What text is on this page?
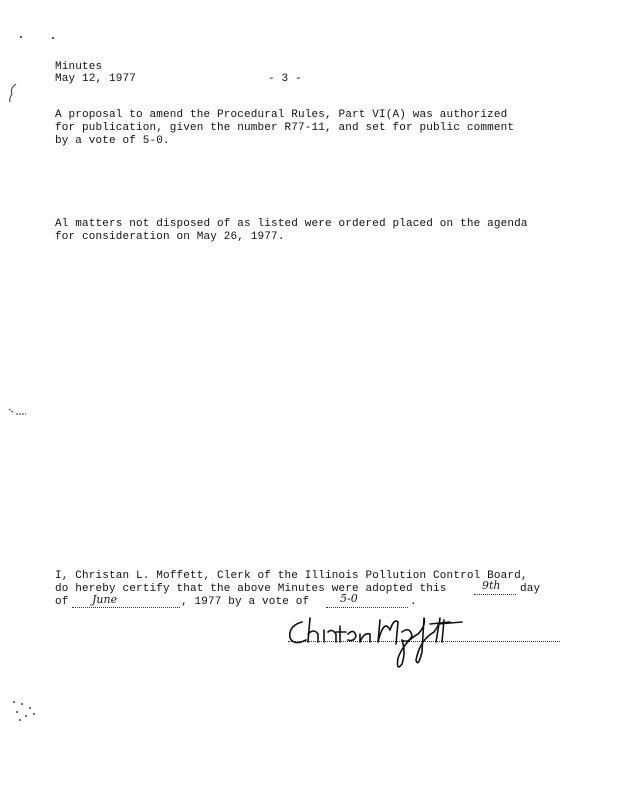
Minutes
May 12, 1977	- 3 -
A proposal to amend the Procedural Rules, Part VI(A) was authorized
for publication, given the number R77-11, and set for public comment
by a vote of 5-0.
Al matters not disposed of as listed were ordered placed on the agenda
for consideration on May 26, 1977.
I, Christan L. Moffett, Clerk of the Illinois Pollution Control Board,
do hereby certify that the above Minutes were adopted this	9th day
of June	, 1977 by a vote of	5-0	.
